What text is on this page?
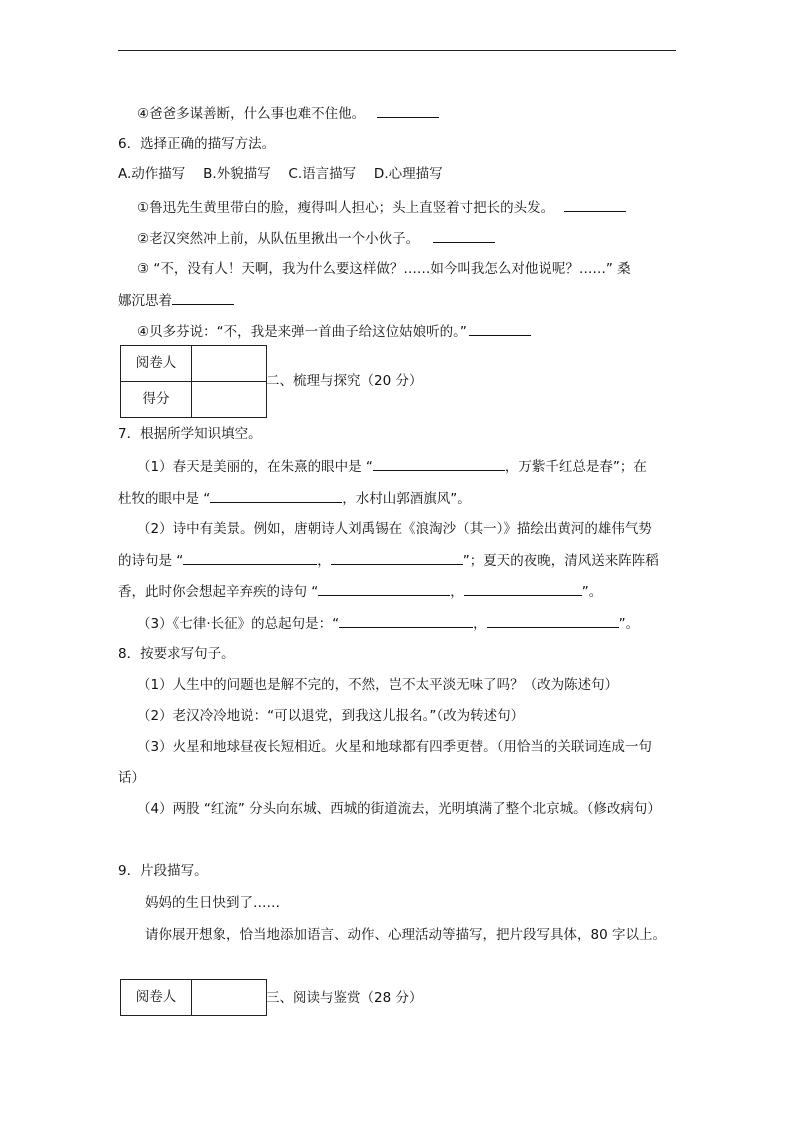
④爸爸多谋善断，什么事也难不住他。
6．选择正确的描写方法。
A.动作描写　 B.外貌描写　 C.语言描写　 D.心理描写
①鲁迅先生黄里带白的脸，瘦得叫人担心；头上直竖着寸把长的头发。
②老汉突然冲上前，从队伍里揪出一个小伙子。
③ “不，没有人！天啊，我为什么要这样做？……如今叫我怎么对他说呢？……” 桑
娜沉思着
④贝多芬说：“不，我是来弹一首曲子给这位姑娘听的。”
阅卷人	
得分	
二、梳理与探究（20 分）
7．根据所学知识填空。
（1）春天是美丽的，在朱熹的眼中是 “	，万紫千红总是春”；在
杜牧的眼中是 “	，水村山郭酒旗风”。
（2）诗中有美景。例如，唐朝诗人刘禹锡在《浪淘沙（其一）》描绘出黄河的雄伟气势
的诗句是 “	，	”；夏天的夜晚，清风送来阵阵稻
香，此时你会想起辛弃疾的诗句 “	，	”。
（3）《七律·长征》的总起句是：“	，	”。
8．按要求写句子。
（1）人生中的问题也是解不完的，不然，岂不太平淡无味了吗？（改为陈述句）
（2）老汉冷冷地说：“可以退党，到我这儿报名。”（改为转述句）
（3）火星和地球昼夜长短相近。火星和地球都有四季更替。（用恰当的关联词连成一句
话）
（4）两股 “红流” 分头向东城、西城的街道流去，光明填满了整个北京城。（修改病句）
9．片段描写。
妈妈的生日快到了……
请你展开想象，恰当地添加语言、动作、心理活动等描写，把片段写具体，80 字以上。
阅卷人		三、阅读与鉴赏（28 分）
